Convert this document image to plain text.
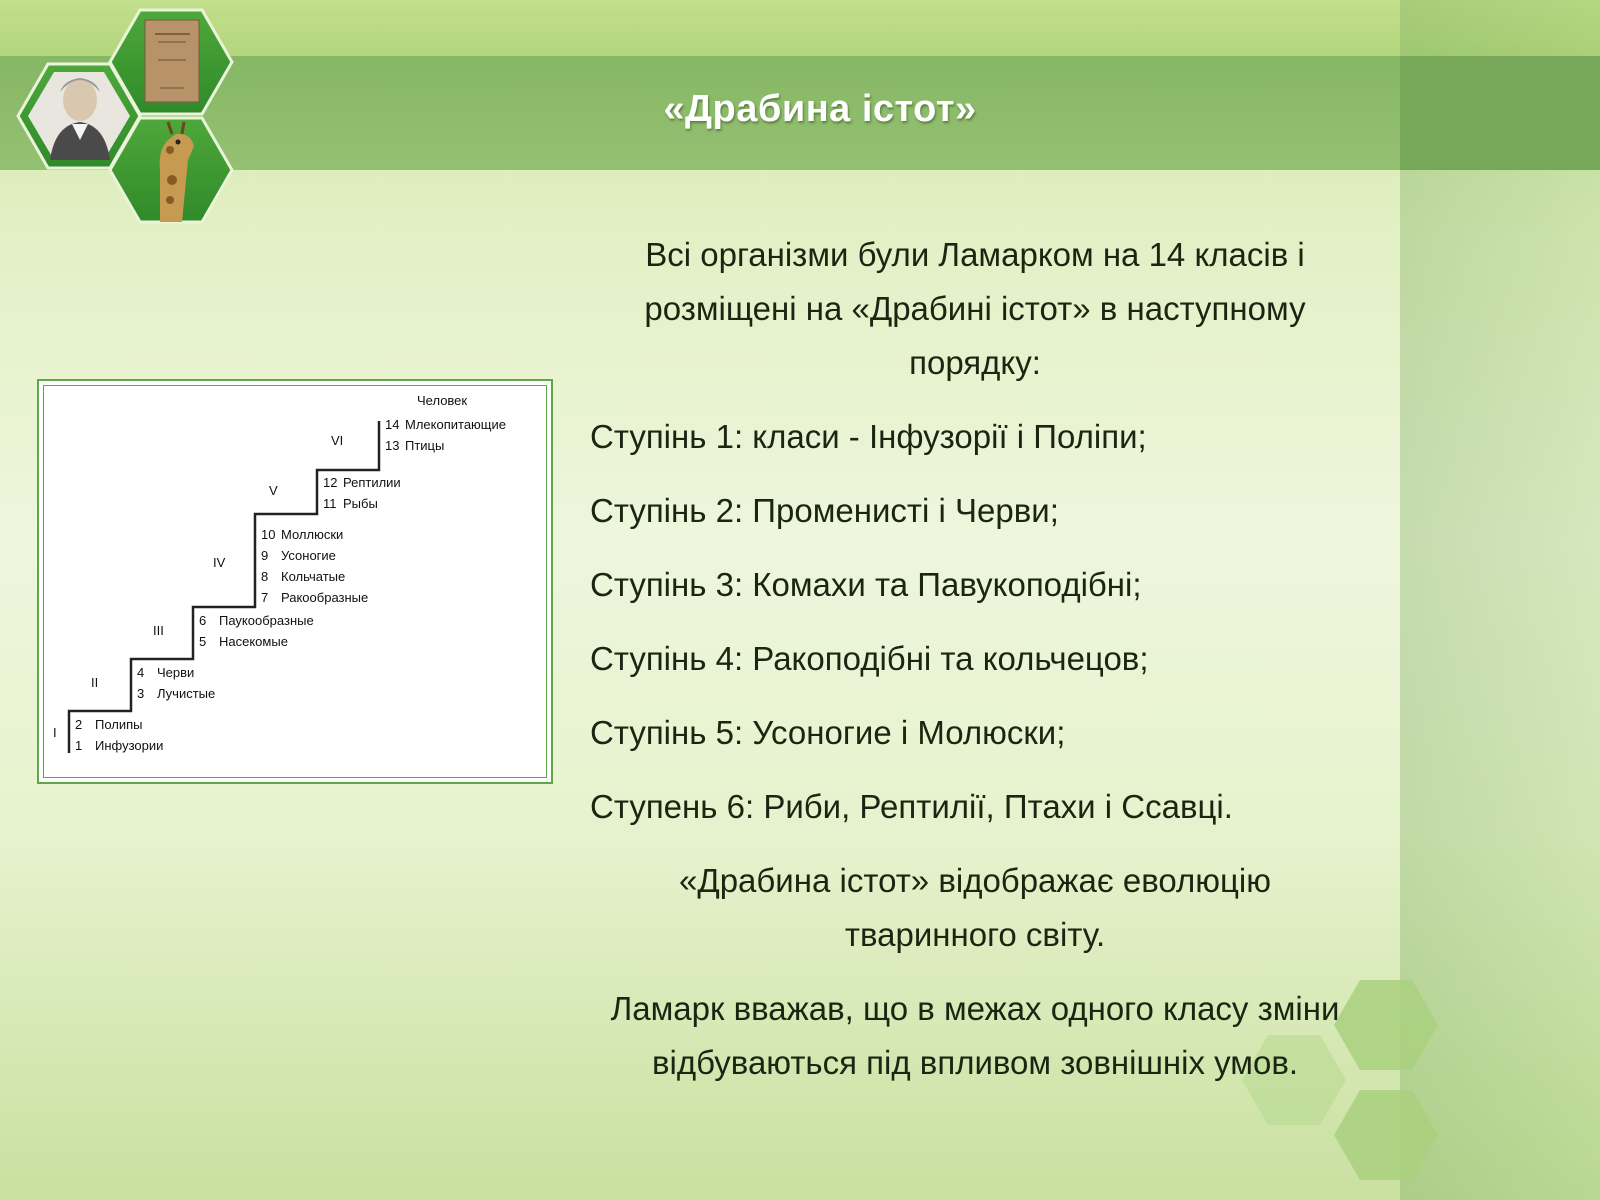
«Драбина істот»
Человек
I
2 Полипы
1 Инфузории
II
4 Черви
3 Лучистые
III
6 Паукообразные
5 Насекомые
IV
10 Моллюски
9 Усоногие
8 Кольчатые
7 Ракообразные
V
12 Рептилии
11 Рыбы
VI
14 Млекопитающие
13 Птицы

Всі організми були Ламарком на 14 класів і розміщені на «Драбині істот» в наступному порядку:

Ступінь 1: класи - Інфузорії і Поліпи;

Ступінь 2: Променисті і Черви;

Ступінь 3: Комахи та Павукоподібні;

Ступінь 4: Ракоподібні та кольчецов;

Ступінь 5: Усоногие і Молюски;

Ступень 6: Риби, Рептилії, Птахи і Ссавці.

«Драбина істот» відображає еволюцію тваринного світу.

Ламарк вважав, що в межах одного класу зміни відбуваються під впливом зовнішніх умов.
